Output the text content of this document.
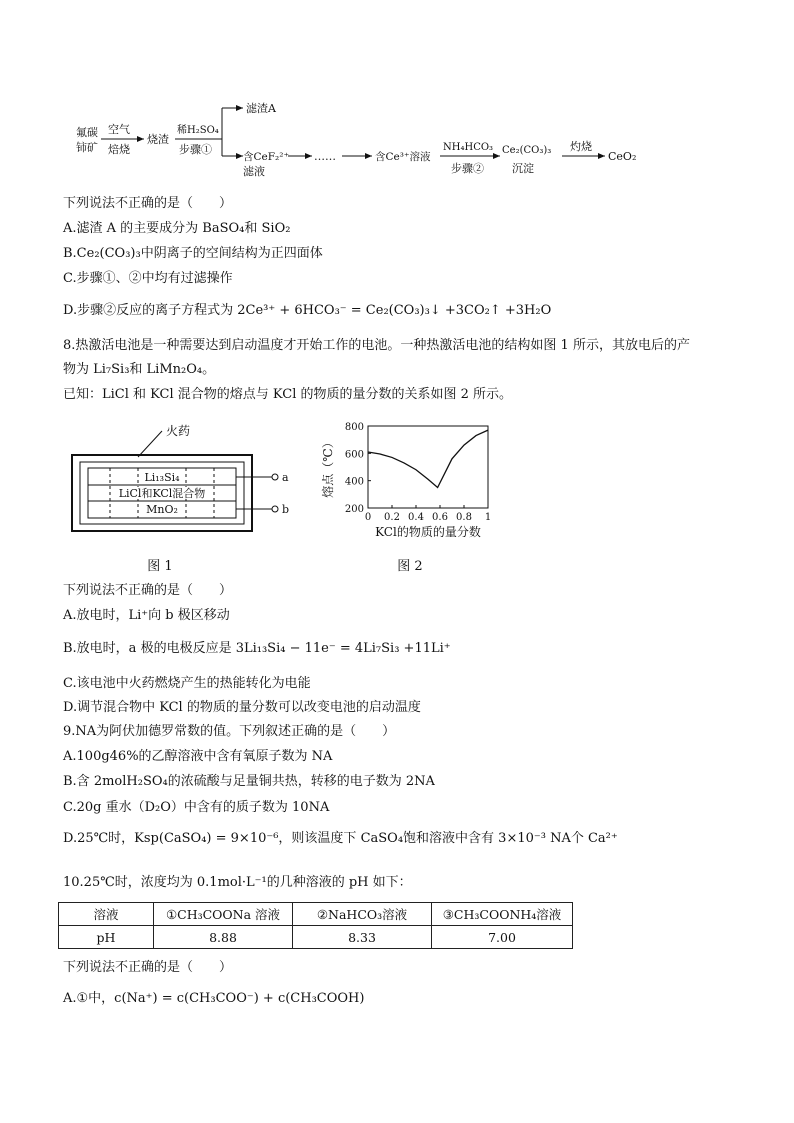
氟碳
铈矿
空气
焙烧
烧渣
稀H₂SO₄
步骤①
滤渣A
含CeF₂²⁺
滤液
……	含Ce³⁺溶液
NH₄HCO₃
步骤②
Ce₂(CO₃)₃
沉淀
灼烧
CeO₂
下列说法不正确的是（　　）
A.滤渣 A 的主要成分为 BaSO₄和 SiO₂
B.Ce₂(CO₃)₃中阴离子的空间结构为正四面体
C.步骤①、②中均有过滤操作
D.步骤②反应的离子方程式为 2Ce³⁺ + 6HCO₃⁻ = Ce₂(CO₃)₃↓ +3CO₂↑ +3H₂O
8.热激活电池是一种需要达到启动温度才开始工作的电池。一种热激活电池的结构如图 1 所示，其放电后的产
物为 Li₇Si₃和 LiMn₂O₄。
已知：LiCl 和 KCl 混合物的熔点与 KCl 的物质的量分数的关系如图 2 所示。
Li₁₃Si₄
LiCl和KCl混合物
MnO₂
火药
a
b
图 1
200
400
600
800
0 0.2 0.4 0.6 0.8 1
KCl的物质的量分数
熔点（℃）
图 2
下列说法不正确的是（　　）
A.放电时，Li⁺向 b 极区移动
B.放电时，a 极的电极反应是 3Li₁₃Si₄ − 11e⁻ = 4Li₇Si₃ +11Li⁺
C.该电池中火药燃烧产生的热能转化为电能
D.调节混合物中 KCl 的物质的量分数可以改变电池的启动温度
9.NA为阿伏加德罗常数的值。下列叙述正确的是（　　）
A.100g46%的乙醇溶液中含有氧原子数为 NA
B.含 2molH₂SO₄的浓硫酸与足量铜共热，转移的电子数为 2NA
C.20g 重水（D₂O）中含有的质子数为 10NA
D.25℃时，Ksp(CaSO₄) = 9×10⁻⁶，则该温度下 CaSO₄饱和溶液中含有 3×10⁻³ NA个 Ca²⁺
10.25℃时，浓度均为 0.1mol·L⁻¹的几种溶液的 pH 如下：
溶液	①CH₃COONa 溶液	②NaHCO₃溶液	③CH₃COONH₄溶液
pH	8.88	8.33	7.00
下列说法不正确的是（　　）
A.①中，c(Na⁺) = c(CH₃COO⁻) + c(CH₃COOH)
